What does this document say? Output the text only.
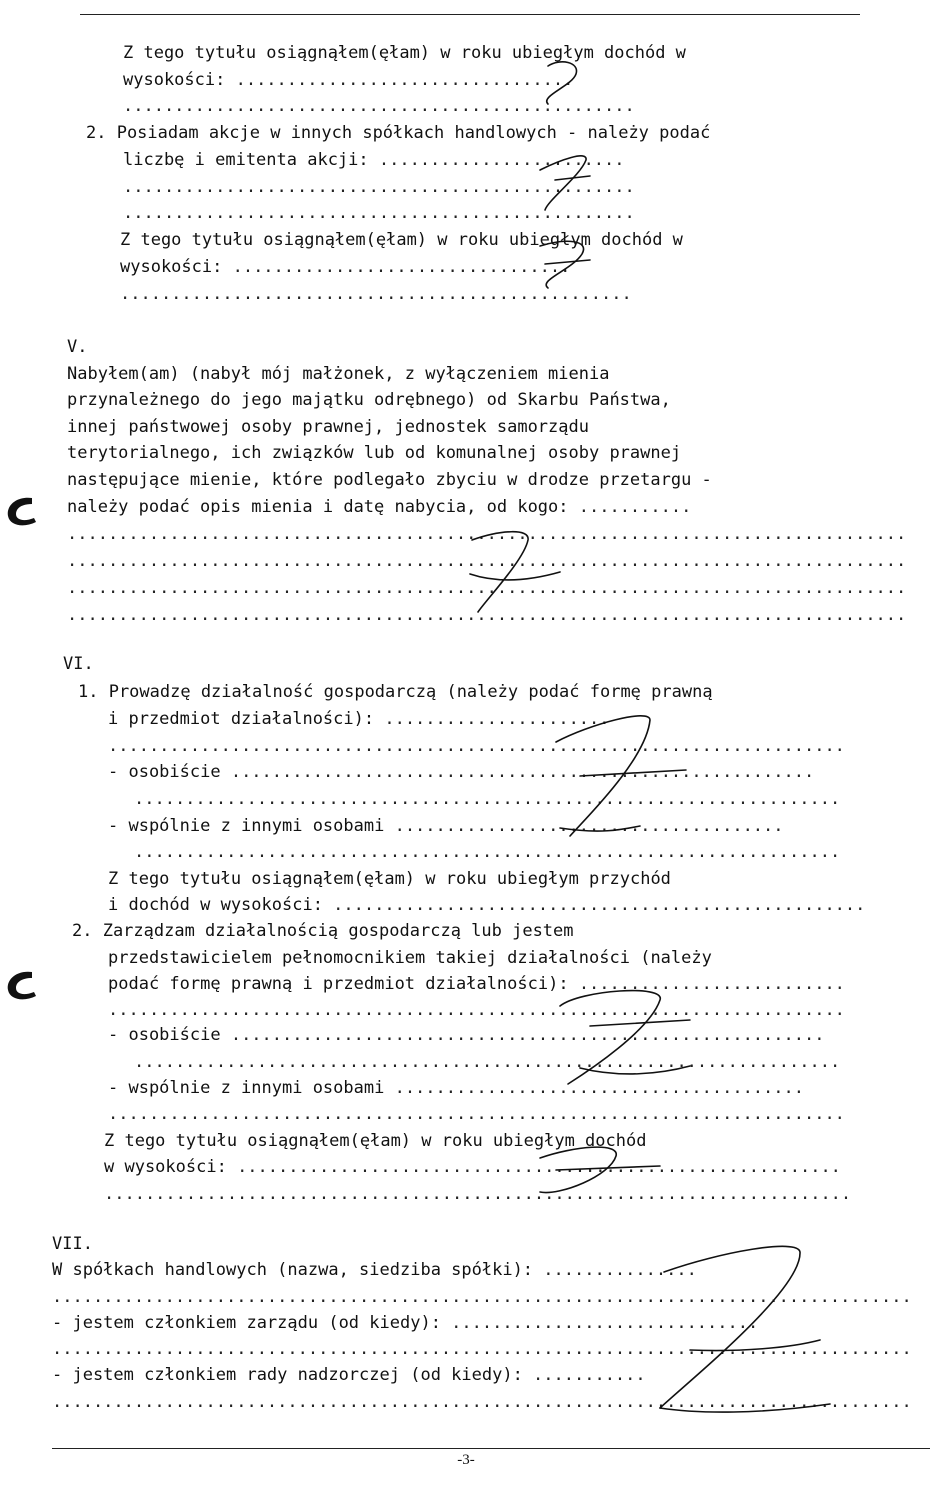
Z tego tytułu osiągnąłem(ęłam) w roku ubiegłym dochód w
wysokości: .................................
..................................................
2. Posiadam akcje w innych spółkach handlowych - należy podać
liczbę i emitenta akcji: ........................
..................................................
..................................................
Z tego tytułu osiągnąłem(ęłam) w roku ubiegłym dochód w
wysokości: .................................
..................................................
V.
Nabyłem(am) (nabył mój małżonek, z wyłączeniem mienia
przynależnego do jego majątku odrębnego) od Skarbu Państwa,
innej państwowej osoby prawnej, jednostek samorządu
terytorialnego, ich związków lub od komunalnej osoby prawnej
następujące mienie, które podlegało zbyciu w drodze przetargu -
należy podać opis mienia i datę nabycia, od kogo: ...........
..................................................................................
..................................................................................
..................................................................................
..................................................................................
VI.
1. Prowadzę działalność gospodarczą (należy podać formę prawną
i przedmiot działalności): ......................
........................................................................
- osobiście .........................................................
.....................................................................
- wspólnie z innymi osobami ......................................
.....................................................................
Z tego tytułu osiągnąłem(ęłam) w roku ubiegłym przychód
i dochód w wysokości: ....................................................
2. Zarządzam działalnością gospodarczą lub jestem
przedstawicielem pełnomocnikiem takiej działalności (należy
podać formę prawną i przedmiot działalności): ..........................
........................................................................
- osobiście ..........................................................
.....................................................................
- wspólnie z innymi osobami ........................................
........................................................................
Z tego tytułu osiągnąłem(ęłam) w roku ubiegłym dochód
w wysokości: ...........................................................
.........................................................................
VII.
W spółkach handlowych (nazwa, siedziba spółki): ...............
....................................................................................
- jestem członkiem zarządu (od kiedy): ..............................
....................................................................................
- jestem członkiem rady nadzorczej (od kiedy): ...........
....................................................................................
-3-
